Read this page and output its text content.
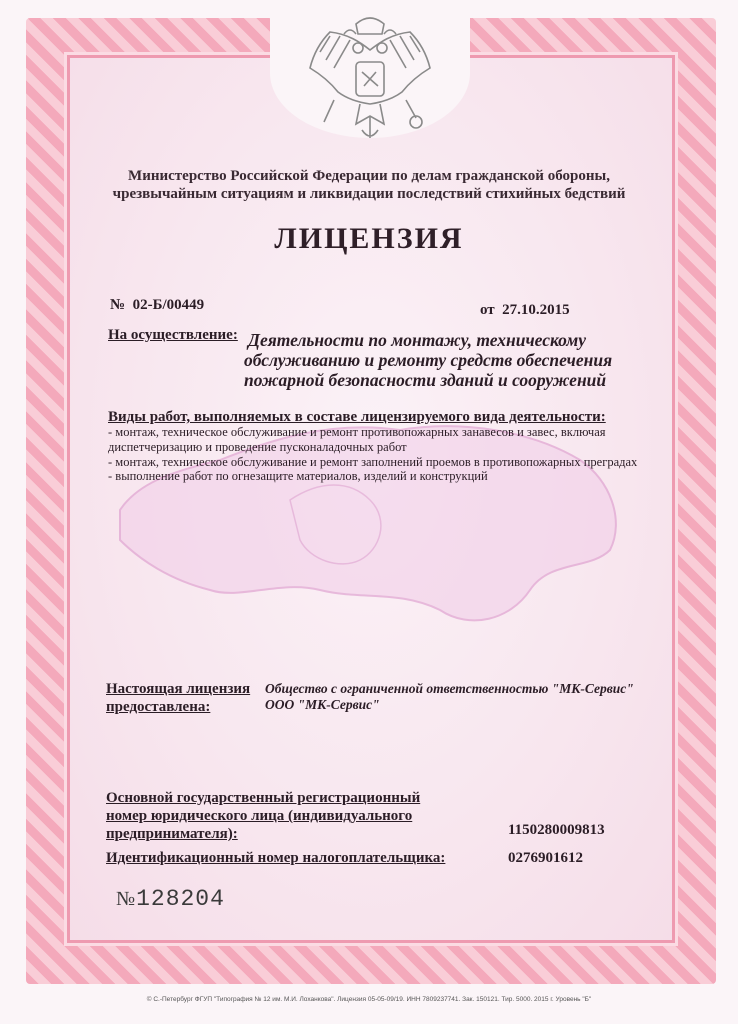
Министерство Российской Федерации по делам гражданской обороны,
чрезвычайным ситуациям и ликвидации последствий стихийных бедствий
ЛИЦЕНЗИЯ
№ 02-Б/00449	от 27.10.2015
На осуществление: Деятельности по монтажу, техническому
обслуживанию и ремонту средств обеспечения
пожарной безопасности зданий и сооружений
Виды работ, выполняемых в составе лицензируемого вида деятельности:
- монтаж, техническое обслуживание и ремонт противопожарных занавесов и завес, включая
диспетчеризацию и проведение пусконаладочных работ
- монтаж, техническое обслуживание и ремонт заполнений проемов в противопожарных преградах
- выполнение работ по огнезащите материалов, изделий и конструкций
Настоящая лицензия
предоставлена:
Общество с ограниченной ответственностью "МК-Сервис"
ООО "МК-Сервис"
Основной государственный регистрационный
номер юридического лица (индивидуального
предпринимателя):	1150280009813
Идентификационный номер налогоплательщика:	0276901612
№128204
© С.-Петербург ФГУП "Типография № 12 им. М.И. Лоханкова". Лицензия 05-05-09/19. ИНН 7809237741. Зак. 150121. Тир. 5000. 2015 г. Уровень "Б"
